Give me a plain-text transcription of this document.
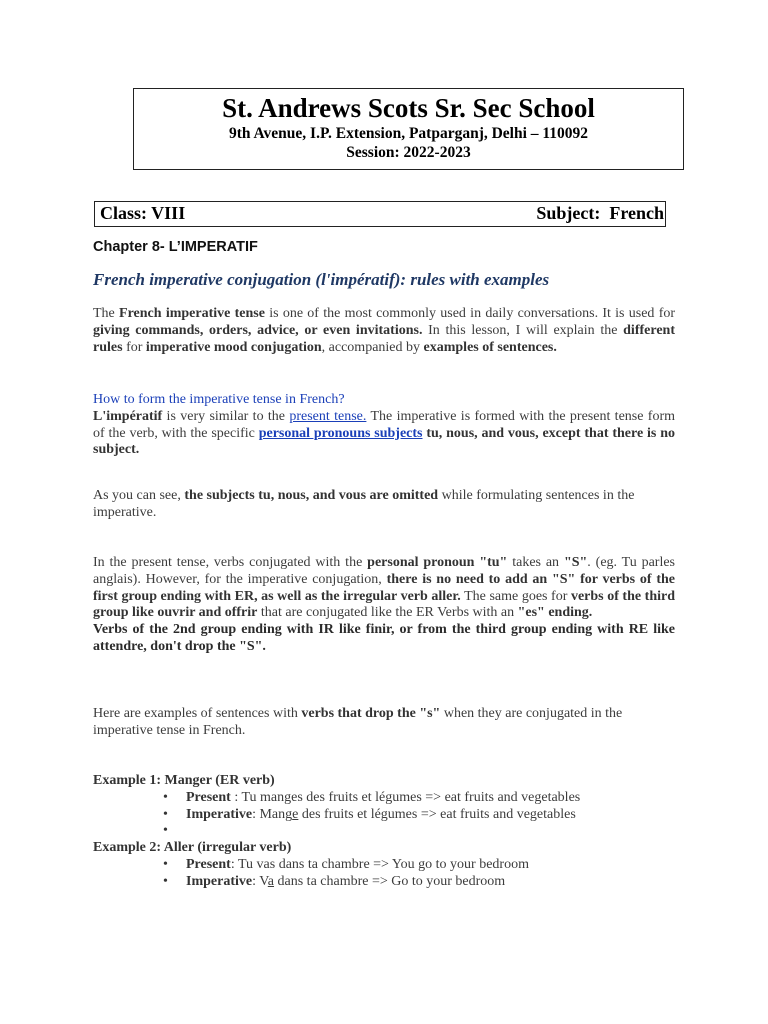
St. Andrews Scots Sr. Sec School
9th Avenue, I.P. Extension, Patparganj, Delhi – 110092
Session: 2022-2023
Class: VIII	Subject:  French
Chapter 8- L’IMPERATIF
French imperative conjugation (l'impératif): rules with examples
The French imperative tense is one of the most commonly used in daily conversations. It is used for giving commands, orders, advice, or even invitations. In this lesson, I will explain the different rules for imperative mood conjugation, accompanied by examples of sentences.
How to form the imperative tense in French?
L'impératif is very similar to the present tense. The imperative is formed with the present tense form of the verb, with the specific personal pronouns subjects tu, nous, and vous, except that there is no subject.
As you can see, the subjects tu, nous, and vous are omitted while formulating sentences in the imperative.
In the present tense, verbs conjugated with the personal pronoun "tu" takes an "S". (eg. Tu parles anglais). However, for the imperative conjugation, there is no need to add an "S" for verbs of the first group ending with ER, as well as the irregular verb aller. The same goes for verbs of the third group like ouvrir and offrir that are conjugated like the ER Verbs with an "es" ending.
Verbs of the 2nd group ending with IR like finir, or from the third group ending with RE like attendre, don't drop the "S".
Here are examples of sentences with verbs that drop the "s" when they are conjugated in the imperative tense in French.
Example 1: Manger (ER verb)
• Present : Tu manges des fruits et légumes => eat fruits and vegetables
• Imperative: Mange des fruits et légumes => eat fruits and vegetables
•
Example 2: Aller (irregular verb)
• Present: Tu vas dans ta chambre => You go to your bedroom
• Imperative: Va dans ta chambre => Go to your bedroom
